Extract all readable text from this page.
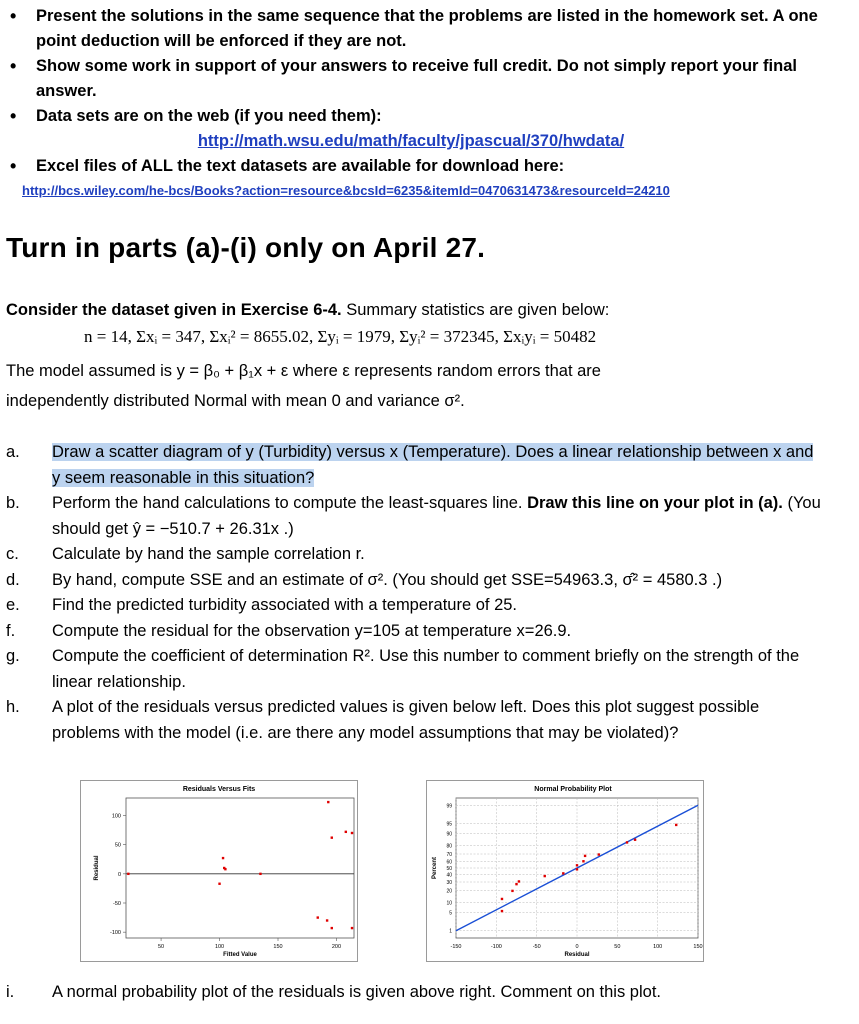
• Present the solutions in the same sequence that the problems are listed in the homework set. A one point deduction will be enforced if they are not.
• Show some work in support of your answers to receive full credit. Do not simply report your final answer.
• Data sets are on the web (if you need them):
http://math.wsu.edu/math/faculty/jpascual/370/hwdata/
• Excel files of ALL the text datasets are available for download here:
http://bcs.wiley.com/he-bcs/Books?action=resource&bcsId=6235&itemId=0470631473&resourceId=24210
Turn in parts (a)-(i) only on April 27.
Consider the dataset given in Exercise 6-4. Summary statistics are given below:
n = 14, Σxᵢ = 347, Σxᵢ² = 8655.02, Σyᵢ = 1979, Σyᵢ² = 372345, Σxᵢyᵢ = 50482
The model assumed is y = β₀ + β₁x + ε where ε represents random errors that are
independently distributed Normal with mean 0 and variance σ².
a. Draw a scatter diagram of y (Turbidity) versus x (Temperature). Does a linear relationship between x and y seem reasonable in this situation?
b. Perform the hand calculations to compute the least-squares line. Draw this line on your plot in (a). (You should get ŷ = −510.7 + 26.31x .)
c. Calculate by hand the sample correlation r.
d. By hand, compute SSE and an estimate of σ². (You should get SSE=54963.3, σ̂² = 4580.3 .)
e. Find the predicted turbidity associated with a temperature of 25.
f. Compute the residual for the observation y=105 at temperature x=26.9.
g. Compute the coefficient of determination R². Use this number to comment briefly on the strength of the linear relationship.
h. A plot of the residuals versus predicted values is given below left. Does this plot suggest possible problems with the model (i.e. are there any model assumptions that may be violated)?
Residuals Versus Fits
100
50
0
-50
-100
50	100	150	200
Fitted Value
Residual
Normal Probability Plot
99
95
90
80
70
60
50
40
30
20
10
5
1
-150	-100	-50	0	50	100	150
Residual
Percent
i. A normal probability plot of the residuals is given above right. Comment on this plot.
